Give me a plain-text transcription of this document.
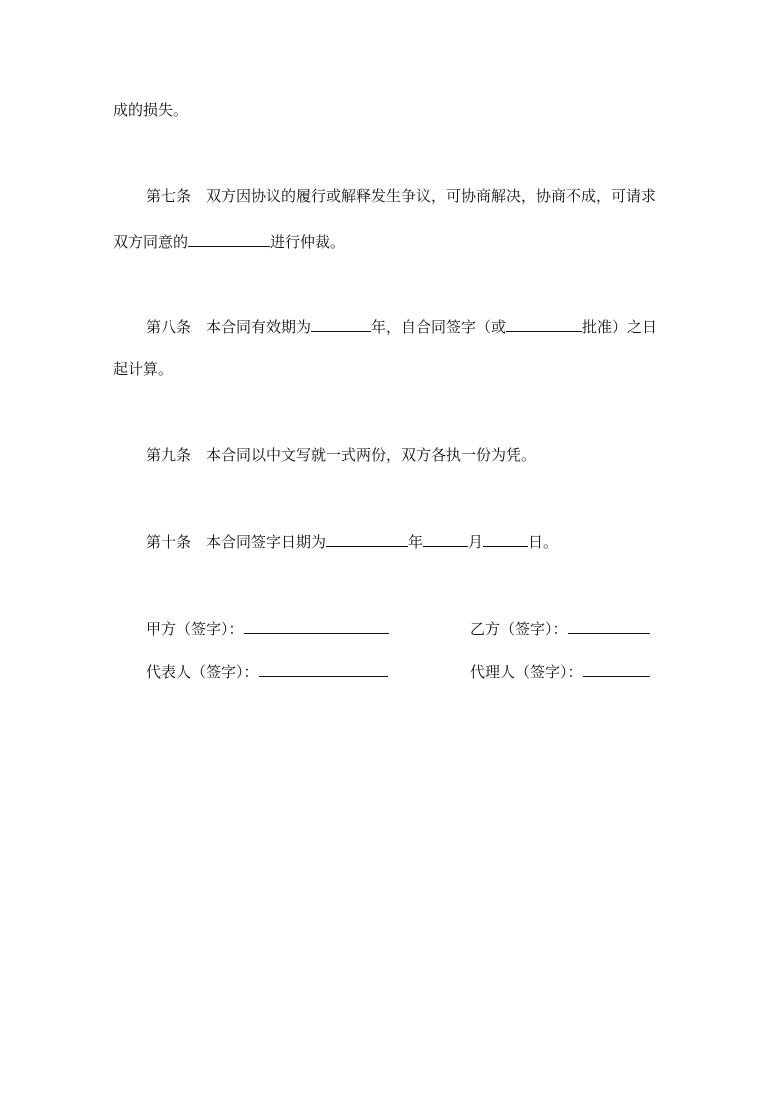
成的损失。
第七条　双方因协议的履行或解释发生争议，可协商解决，协商不成，可请求
双方同意的	进行仲裁。
第八条　本合同有效期为	年，自合同签字（或	批准）之日
起计算。
第九条　本合同以中文写就一式两份，双方各执一份为凭。
第十条　本合同签字日期为	年	月	日。
甲方（签字）：	乙方（签字）：
代表人（签字）：	代理人（签字）：
